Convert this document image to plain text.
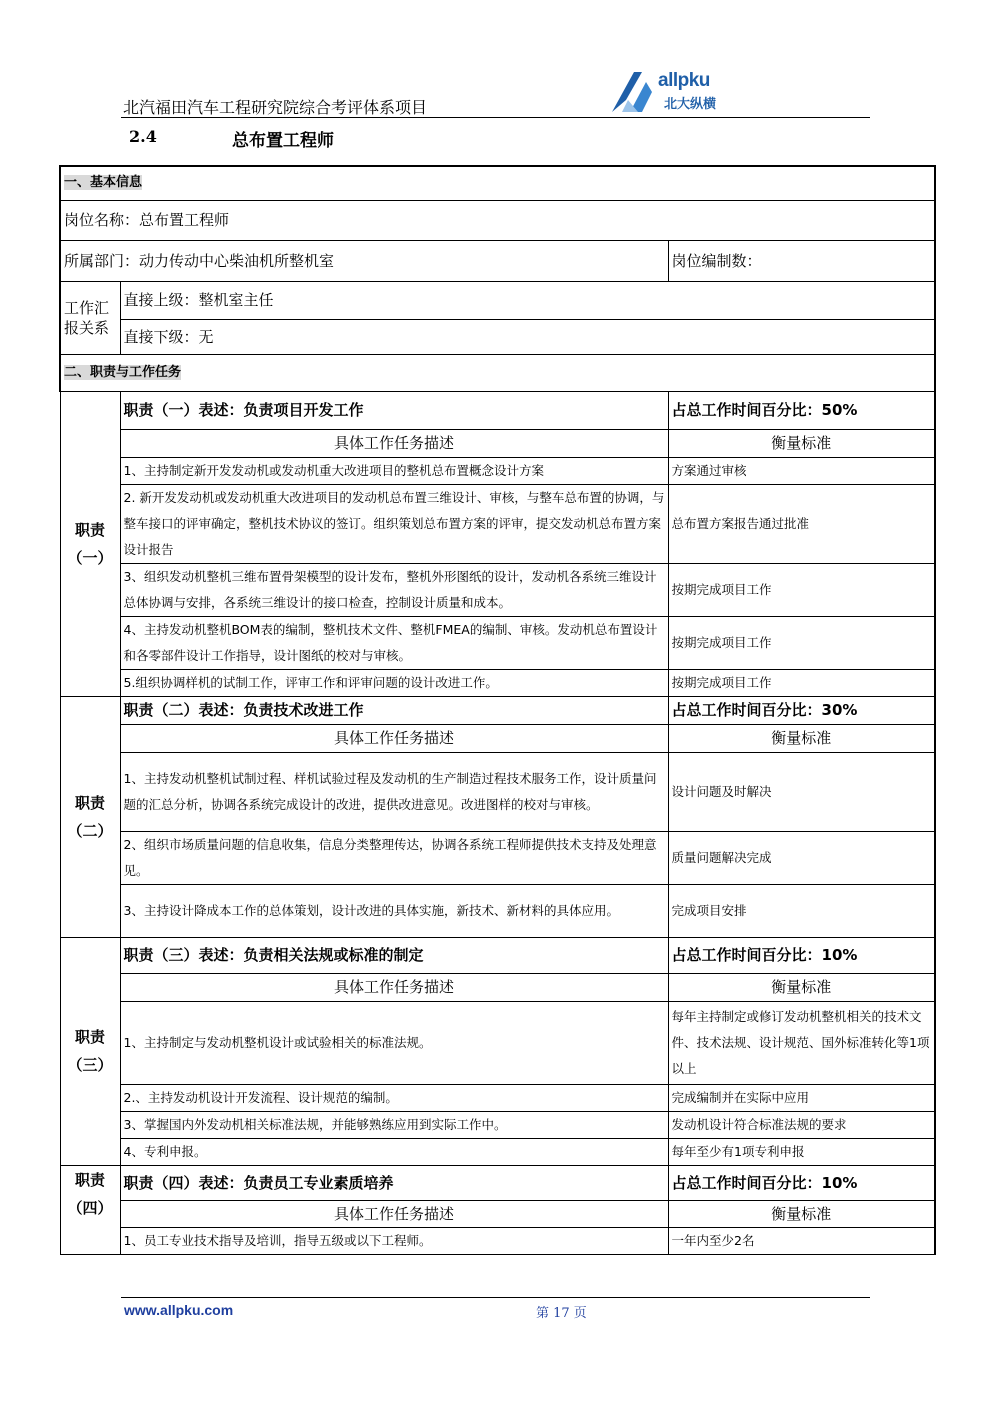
北汽福田汽车工程研究院综合考评体系项目
allpku
北大纵横
2.4	总布置工程师
一、基本信息		
岗位名称：总布置工程师		
所属部门：动力传动中心柴油机所整机室		岗位编制数：
工作汇报关系	直接上级：整机室主任	
	直接下级：无	
二、职责与工作任务		

职责
（一）	职责（一）表述：负责项目开发工作	占总工作时间百分比：50%
	具体工作任务描述	衡量标准
	1、主持制定新开发发动机或发动机重大改进项目的整机总布置概念设计方案	方案通过审核
	2. 新开发发动机或发动机重大改进项目的发动机总布置三维设计、审核，与整车总布置的协调，与整车接口的评审确定，整机技术协议的签订。组织策划总布置方案的评审，提交发动机总布置方案设计报告	总布置方案报告通过批准
	3、组织发动机整机三维布置骨架模型的设计发布，整机外形图纸的设计，发动机各系统三维设计总体协调与安排，各系统三维设计的接口检查，控制设计质量和成本。	按期完成项目工作
	4、主持发动机整机BOM表的编制，整机技术文件、整机FMEA的编制、审核。发动机总布置设计和各零部件设计工作指导，设计图纸的校对与审核。	按期完成项目工作
	5.组织协调样机的试制工作，评审工作和评审问题的设计改进工作。	按期完成项目工作

职责
（二）	职责（二）表述：负责技术改进工作	占总工作时间百分比：30%
	具体工作任务描述	衡量标准
	1、主持发动机整机试制过程、样机试验过程及发动机的生产制造过程技术服务工作，设计质量问题的汇总分析，协调各系统完成设计的改进，提供改进意见。改进图样的校对与审核。	设计问题及时解决
	2、组织市场质量问题的信息收集，信息分类整理传达，协调各系统工程师提供技术支持及处理意见。	质量问题解决完成
	3、主持设计降成本工作的总体策划，设计改进的具体实施，新技术、新材料的具体应用。	完成项目安排

职责
（三）	职责（三）表述：负责相关法规或标准的制定	占总工作时间百分比：10%
	具体工作任务描述	衡量标准
	1、主持制定与发动机整机设计或试验相关的标准法规。	每年主持制定或修订发动机整机相关的技术文件、技术法规、设计规范、国外标准转化等1项以上
	2.、主持发动机设计开发流程、设计规范的编制。	完成编制并在实际中应用
	3、掌握国内外发动机相关标准法规，并能够熟练应用到实际工作中。	发动机设计符合标准法规的要求
	4、专利申报。	每年至少有1项专利申报

职责
（四）	职责（四）表述：负责员工专业素质培养	占总工作时间百分比：10%
	具体工作任务描述	衡量标准
	1、员工专业技术指导及培训，指导五级或以下工程师。	一年内至少2名
www.allpku.com	第 17 页
